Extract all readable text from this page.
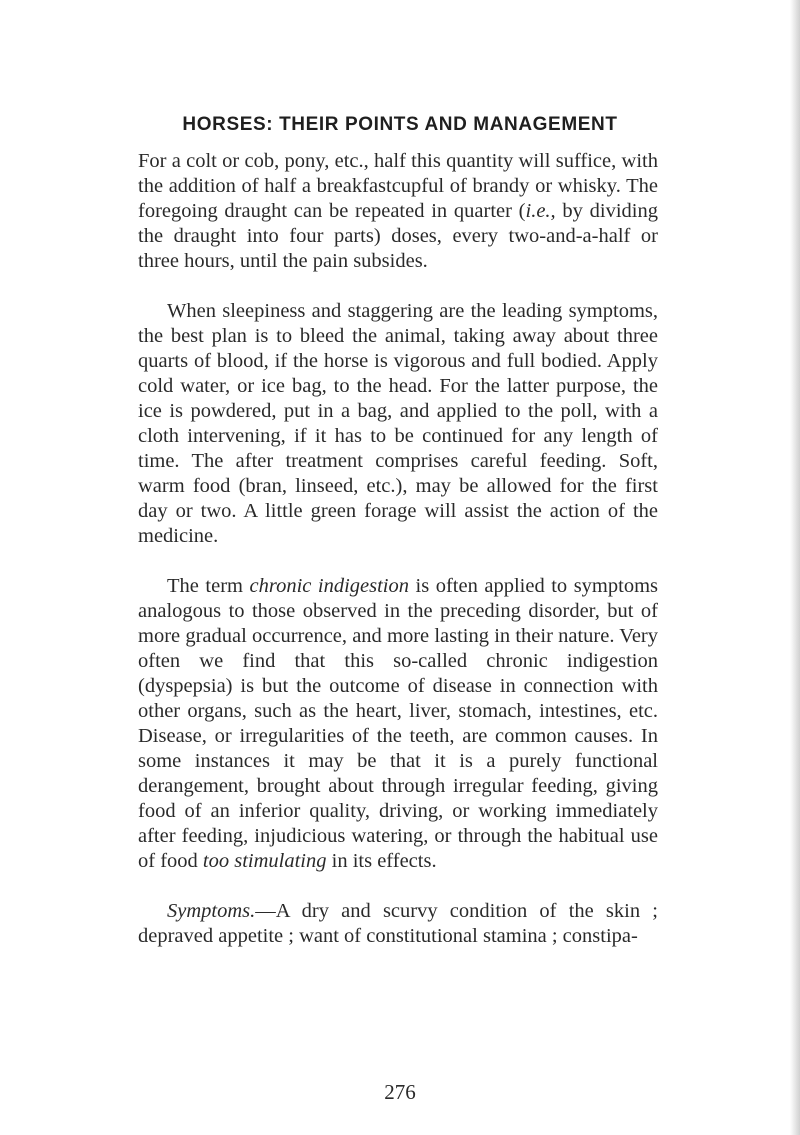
HORSES: THEIR POINTS AND MANAGEMENT

For a colt or cob, pony, etc., half this quantity will suffice, with the addition of half a breakfastcupful of brandy or whisky. The foregoing draught can be repeated in quarter (i.e., by dividing the draught into four parts) doses, every two-and-a-half or three hours, until the pain subsides.

When sleepiness and staggering are the leading symptoms, the best plan is to bleed the animal, taking away about three quarts of blood, if the horse is vigorous and full bodied. Apply cold water, or ice bag, to the head. For the latter purpose, the ice is powdered, put in a bag, and applied to the poll, with a cloth intervening, if it has to be continued for any length of time. The after treatment comprises careful feeding. Soft, warm food (bran, linseed, etc.), may be allowed for the first day or two. A little green forage will assist the action of the medicine.

The term chronic indigestion is often applied to symptoms analogous to those observed in the preceding disorder, but of more gradual occurrence, and more lasting in their nature. Very often we find that this so-called chronic indigestion (dyspepsia) is but the outcome of disease in connection with other organs, such as the heart, liver, stomach, intestines, etc. Disease, or irregularities of the teeth, are common causes. In some instances it may be that it is a purely functional derangement, brought about through irregular feeding, giving food of an inferior quality, driving, or working immediately after feeding, injudicious watering, or through the habitual use of food too stimulating in its effects.

Symptoms.—A dry and scurvy condition of the skin ; depraved appetite ; want of constitutional stamina ; constipa-

276
